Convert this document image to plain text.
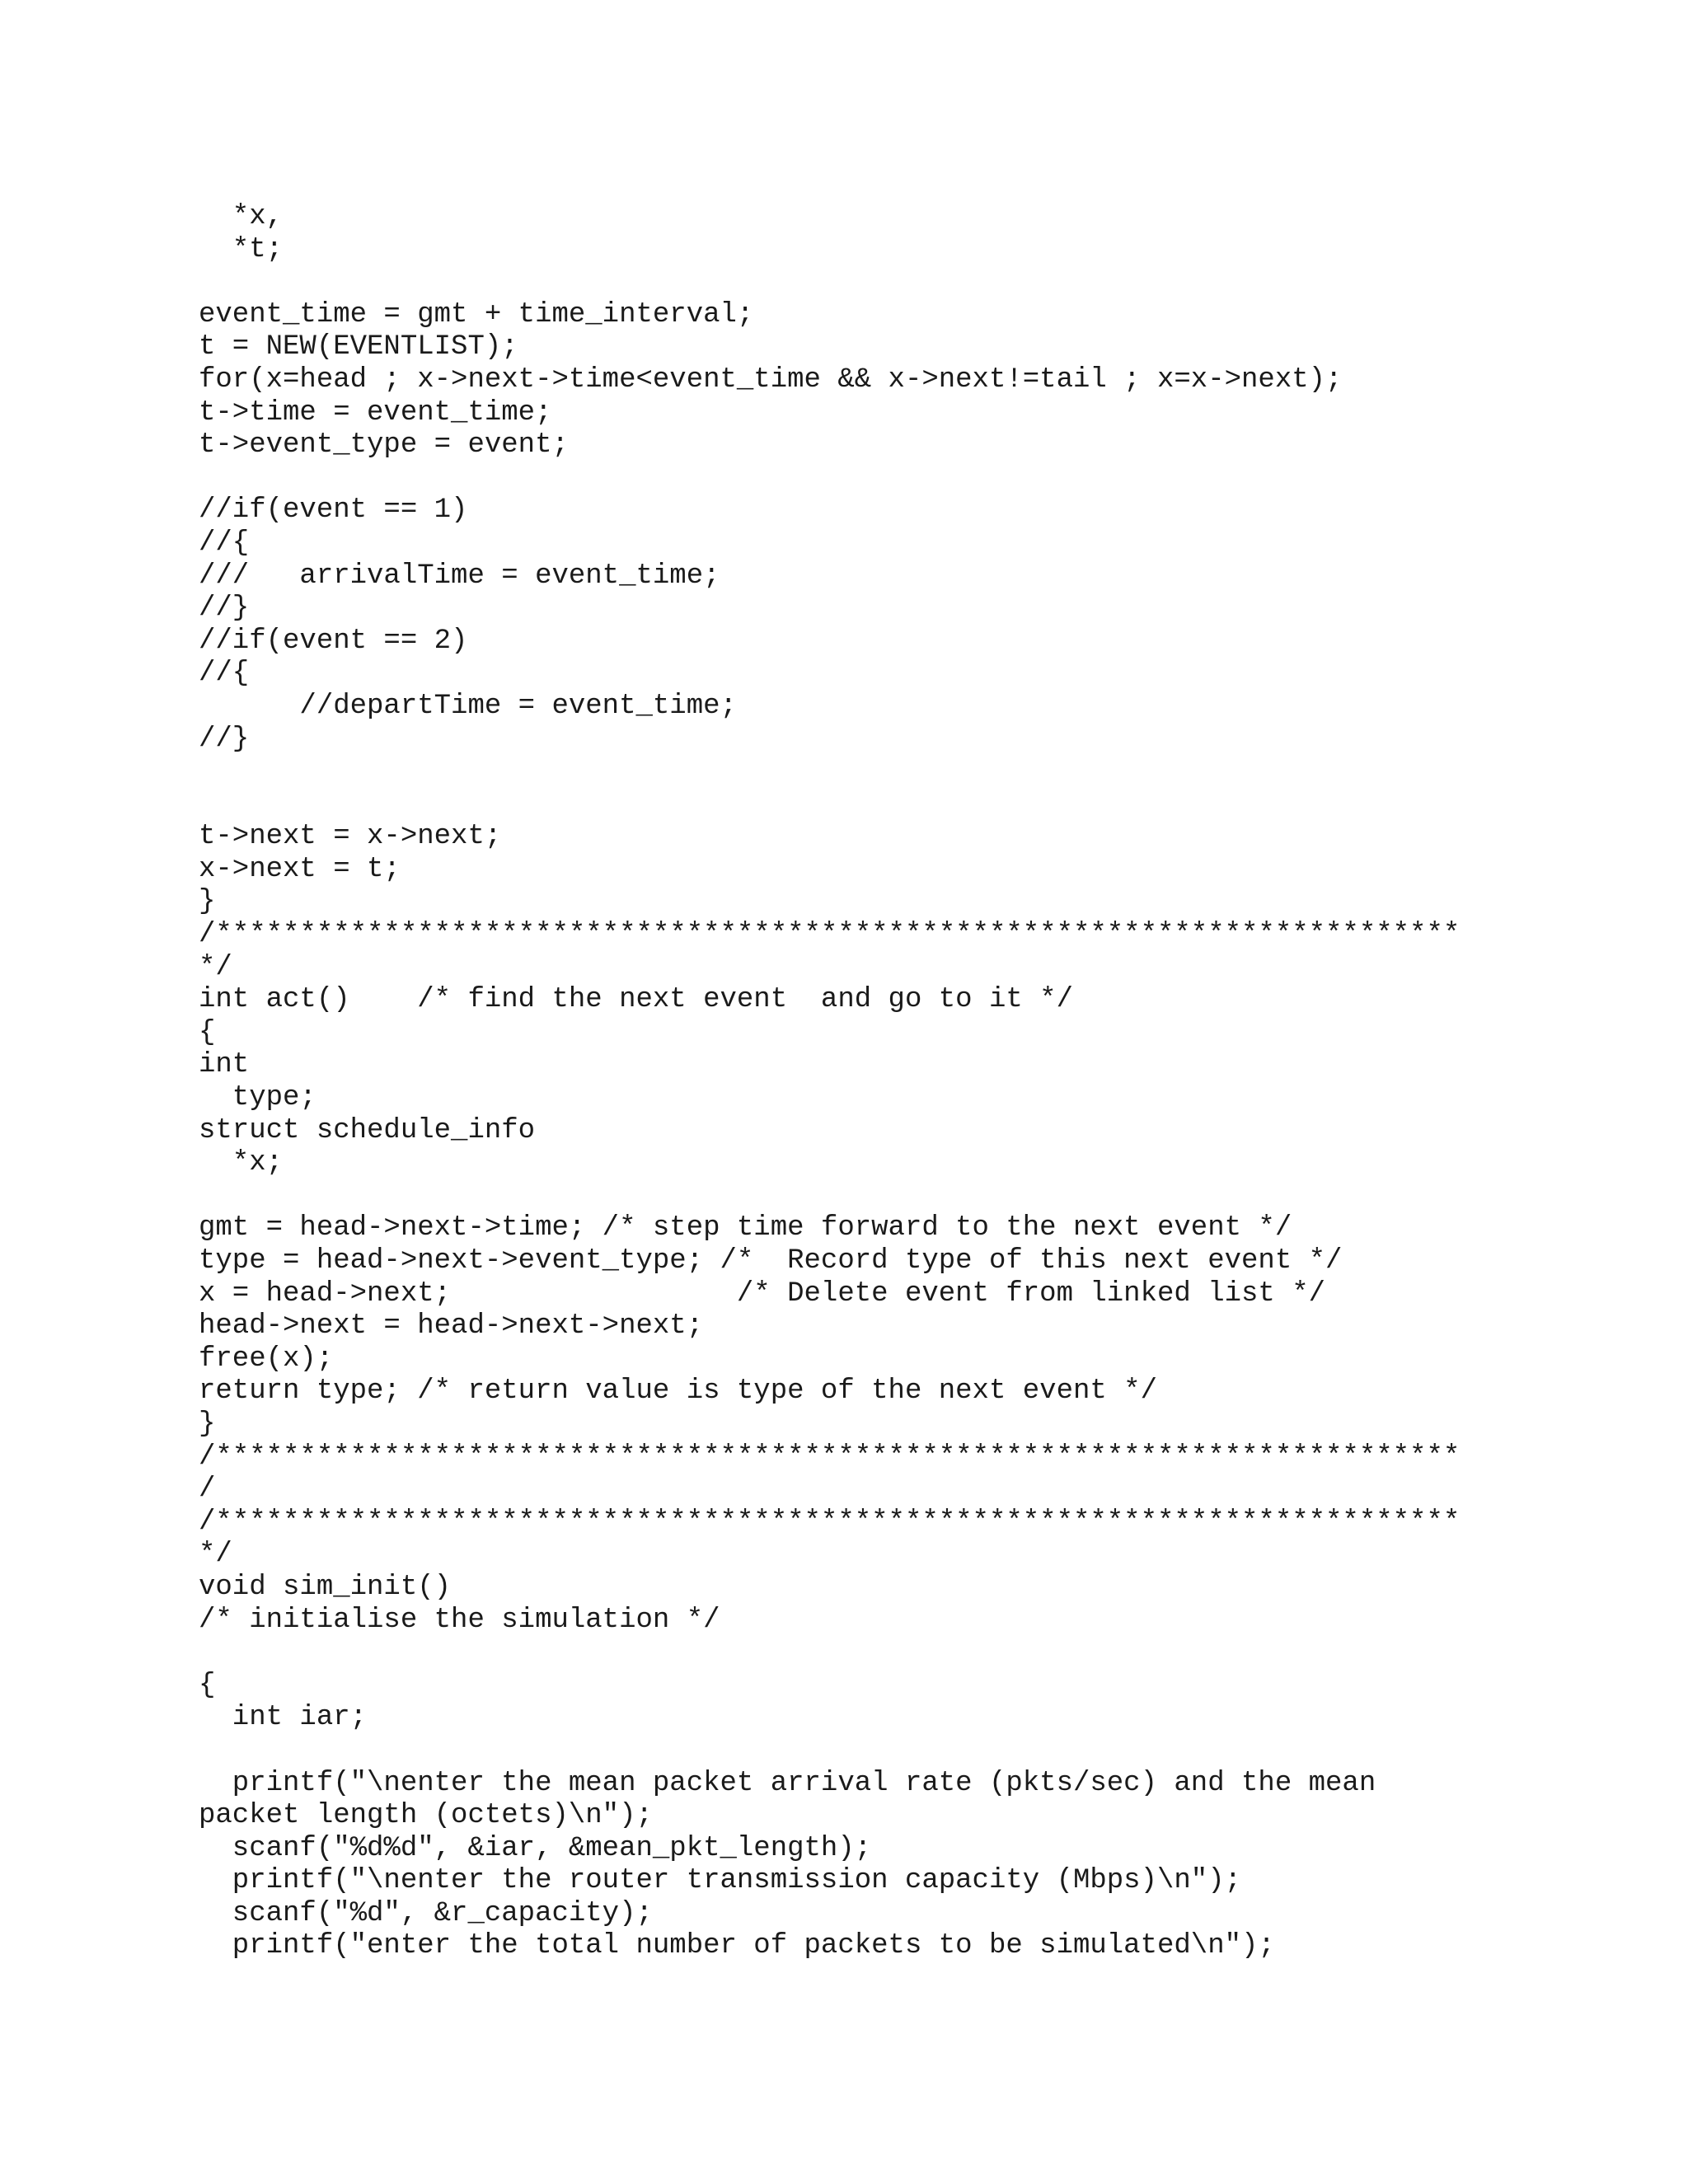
*x,
*t;
event_time = gmt + time_interval;
t = NEW(EVENTLIST);
for(x=head ; x->next->time<event_time && x->next!=tail ; x=x->next);
t->time = event_time;
t->event_type = event;
//if(event == 1)
//{
///   arrivalTime = event_time;
//}
//if(event == 2)
//{
//departTime = event_time;
//}
t->next = x->next;
x->next = t;
}
/**************************************************************************
*/
int act()    /* find the next event  and go to it */
{
int
type;
struct schedule_info
*x;
gmt = head->next->time; /* step time forward to the next event */
type = head->next->event_type; /*  Record type of this next event */
x = head->next;                 /* Delete event from linked list */
head->next = head->next->next;
free(x);
return type; /* return value is type of the next event */
}
/**************************************************************************
/
/**************************************************************************
*/
void sim_init()
/* initialise the simulation */
{
int iar;
printf("\nenter the mean packet arrival rate (pkts/sec) and the mean
packet length (octets)\n");
scanf("%d%d", &iar, &mean_pkt_length);
printf("\nenter the router transmission capacity (Mbps)\n");
scanf("%d", &r_capacity);
printf("enter the total number of packets to be simulated\n");
